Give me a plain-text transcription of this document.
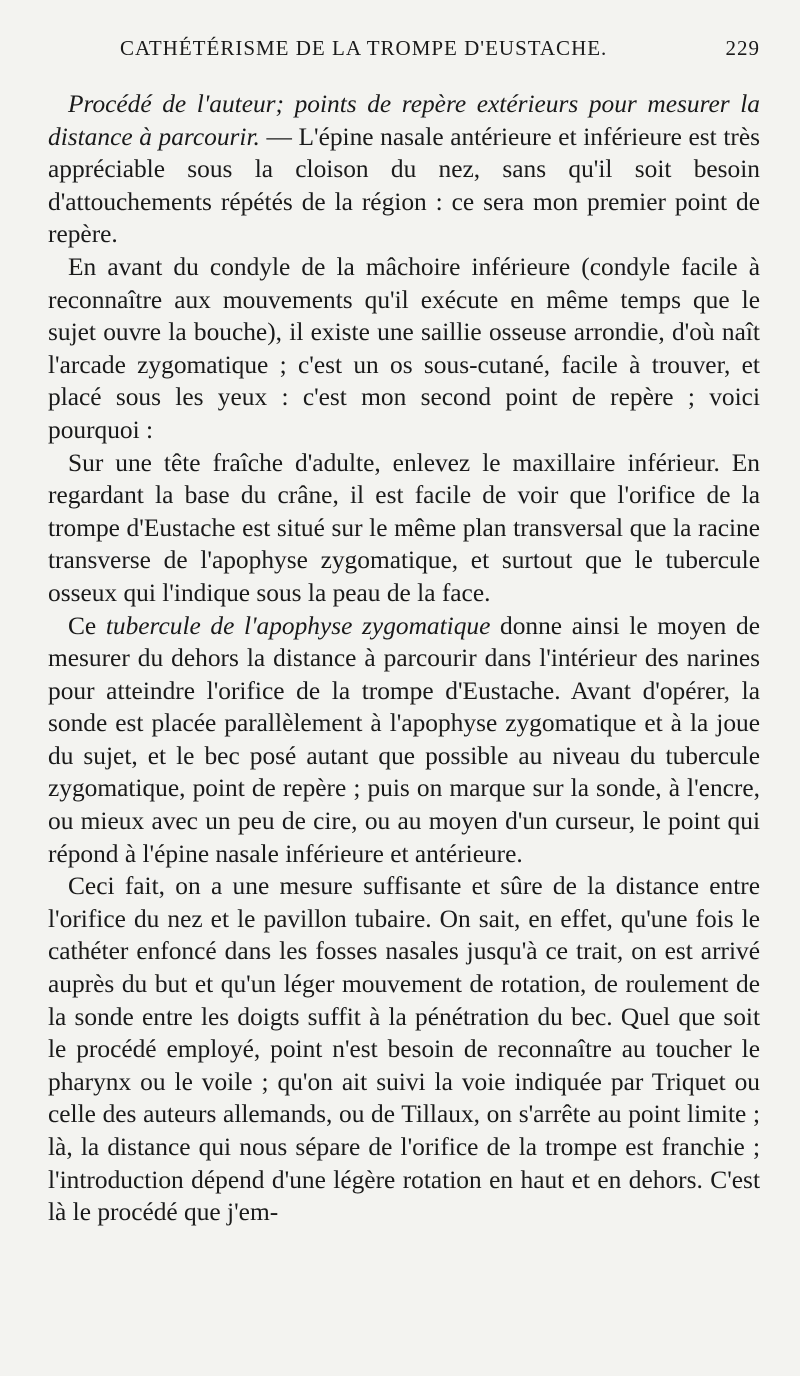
CATHÉTÉRISME DE LA TROMPE D'EUSTACHE.	229

Procédé de l'auteur; points de repère extérieurs pour mesurer la distance à parcourir. — L'épine nasale antérieure et inférieure est très appréciable sous la cloison du nez, sans qu'il soit besoin d'attouchements répétés de la région : ce sera mon premier point de repère.

En avant du condyle de la mâchoire inférieure (condyle facile à reconnaître aux mouvements qu'il exécute en même temps que le sujet ouvre la bouche), il existe une saillie osseuse arrondie, d'où naît l'arcade zygomatique ; c'est un os sous-cutané, facile à trouver, et placé sous les yeux : c'est mon second point de repère ; voici pourquoi :

Sur une tête fraîche d'adulte, enlevez le maxillaire inférieur. En regardant la base du crâne, il est facile de voir que l'orifice de la trompe d'Eustache est situé sur le même plan transversal que la racine transverse de l'apophyse zygomatique, et surtout que le tubercule osseux qui l'indique sous la peau de la face.

Ce tubercule de l'apophyse zygomatique donne ainsi le moyen de mesurer du dehors la distance à parcourir dans l'intérieur des narines pour atteindre l'orifice de la trompe d'Eustache. Avant d'opérer, la sonde est placée parallèlement à l'apophyse zygomatique et à la joue du sujet, et le bec posé autant que possible au niveau du tubercule zygomatique, point de repère ; puis on marque sur la sonde, à l'encre, ou mieux avec un peu de cire, ou au moyen d'un curseur, le point qui répond à l'épine nasale inférieure et antérieure.

Ceci fait, on a une mesure suffisante et sûre de la distance entre l'orifice du nez et le pavillon tubaire. On sait, en effet, qu'une fois le cathéter enfoncé dans les fosses nasales jusqu'à ce trait, on est arrivé auprès du but et qu'un léger mouvement de rotation, de roulement de la sonde entre les doigts suffit à la pénétration du bec. Quel que soit le procédé employé, point n'est besoin de reconnaître au toucher le pharynx ou le voile ; qu'on ait suivi la voie indiquée par Triquet ou celle des auteurs allemands, ou de Tillaux, on s'arrête au point limite ; là, la distance qui nous sépare de l'orifice de la trompe est franchie ; l'introduction dépend d'une légère rotation en haut et en dehors. C'est là le procédé que j'em-
